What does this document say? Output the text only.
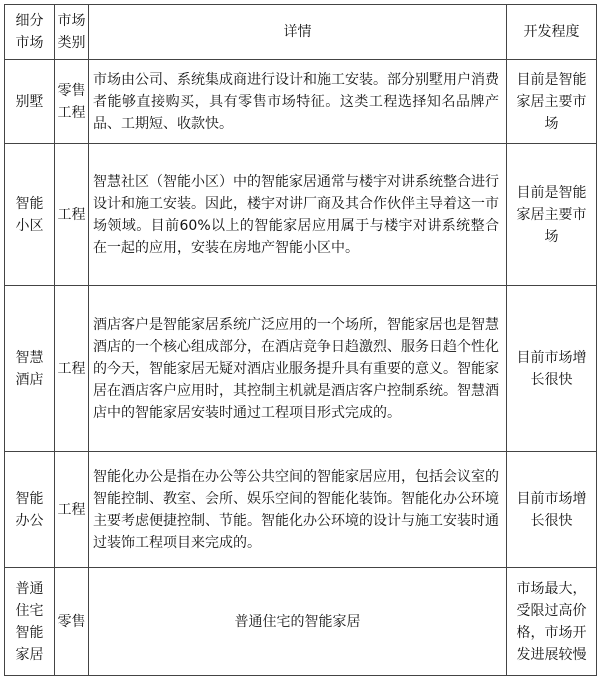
细分市场	市场类别	详情	开发程度
别墅	零售工程	市场由公司、系统集成商进行设计和施工安装。部分别墅用户消费者能够直接购买，具有零售市场特征。这类工程选择知名品牌产品、工期短、收款快。	目前是智能家居主要市场
智能小区	工程	智慧社区（智能小区）中的智能家居通常与楼宇对讲系统整合进行设计和施工安装。因此，楼宇对讲厂商及其合作伙伴主导着这一市场领域。目前60%以上的智能家居应用属于与楼宇对讲系统整合在一起的应用，安装在房地产智能小区中。	目前是智能家居主要市场
智慧酒店	工程	酒店客户是智能家居系统广泛应用的一个场所，智能家居也是智慧酒店的一个核心组成部分，在酒店竞争日趋激烈、服务日趋个性化的今天，智能家居无疑对酒店业服务提升具有重要的意义。智能家居在酒店客户应用时，其控制主机就是酒店客户控制系统。智慧酒店中的智能家居安装时通过工程项目形式完成的。	目前市场增长很快
智能办公	工程	智能化办公是指在办公等公共空间的智能家居应用，包括会议室的智能控制、教室、会所、娱乐空间的智能化装饰。智能化办公环境主要考虑便捷控制、节能。智能化办公环境的设计与施工安装时通过装饰工程项目来完成的。	目前市场增长很快
普通住宅智能家居	零售	普通住宅的智能家居	市场最大，受限过高价格，市场开发进展较慢
